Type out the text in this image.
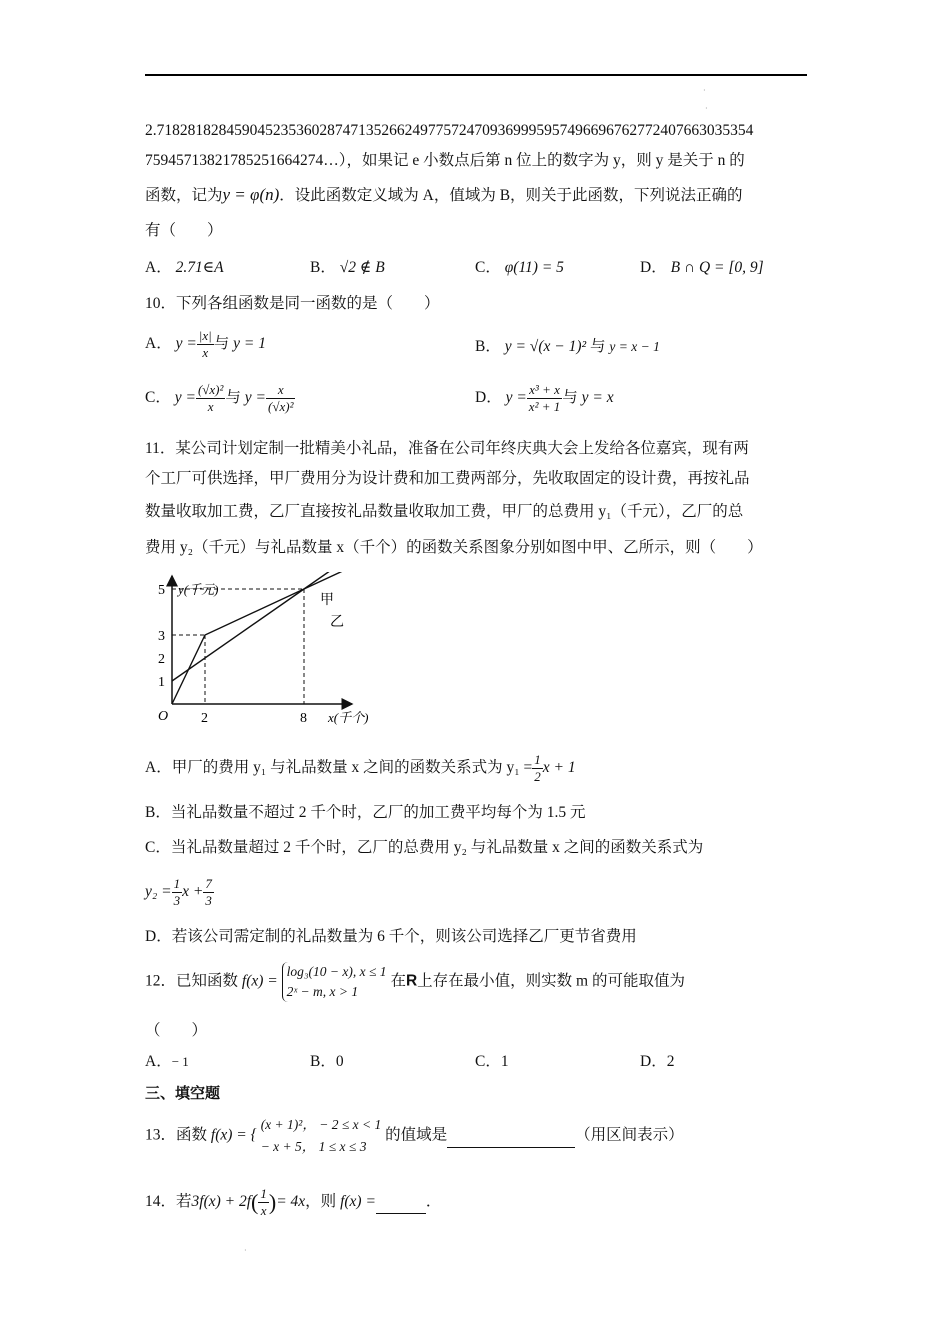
·
·
2.71828182845904523536028747135266249775724709369995957496696762772407663035354
7594571382178525166427​4…），如果记 e 小数点后第 n 位上的数字为 y，则 y 是关于 n 的
函数，记为y = φ(n)．设此函数定义域为 A，值域为 B，则关于此函数，下列说法正确的
有（　　）
A． 2.71∈A	B． √2 ∉ B	C． φ(11) = 5	D． B ∩ Q = [0, 9]
10．下列各组函数是同一函数的是（　　）
A． $y = \frac{|x|}{x}$ 与 y = 1	B． y = √(x − 1)² 与 y = x − 1
C． $y = \frac{\text{(√x)²}}{x}$ 与 $y = \frac{x}{\text{(√x)²}}$	D． $y = \frac{\text{x³ + x}}{\text{x² + 1}}$ 与 y = x
11．某公司计划定制一批精美小礼品，准备在公司年终庆典大会上发给各位嘉宾，现有两
个工厂可供选择，甲厂费用分为设计费和加工费两部分，先收取固定的设计费，再按礼品
数量收取加工费，乙厂直接按礼品数量收取加工费，甲厂的总费用 y₁（千元），乙厂的总
费用 y₂（千元）与礼品数量 x（千个）的函数关系图象分别如图中甲、乙所示，则（　　）
1
2
3
5
2	8
y(千元)
x(千个)
O
甲
乙
A．甲厂的费用 y₁ 与礼品数量 x 之间的函数关系式为 $y_1 = \frac{1}{2}$ x + 1
B．当礼品数量不超过 2 千个时，乙厂的加工费平均每个为 1.5 元
C．当礼品数量超过 2 千个时，乙厂的总费用 y₂ 与礼品数量 x 之间的函数关系式为
$y_2 = \frac{1}{3}$ $x + \frac{7}{3}$
D．若该公司需定制的礼品数量为 6 千个，则该公司选择乙厂更节省费用
12．已知函数 f(x) =
log₃(10 − x), x ≤ 1
2ˣ − m, x > 1
在R上存在最小值，则实数 m 的可能取值为
（　　）
A．− 1	B．0	C．1	D．2
三、填空题
13．函数 f(x) = {
(x + 1)²， − 2 ≤ x < 1
− x + 5， 1 ≤ x ≤ 3
的值域是	（用区间表示）
14．若$3f(x) + 2f( \frac{1}{x}$ )= 4x，则 f(x) =	．
·
